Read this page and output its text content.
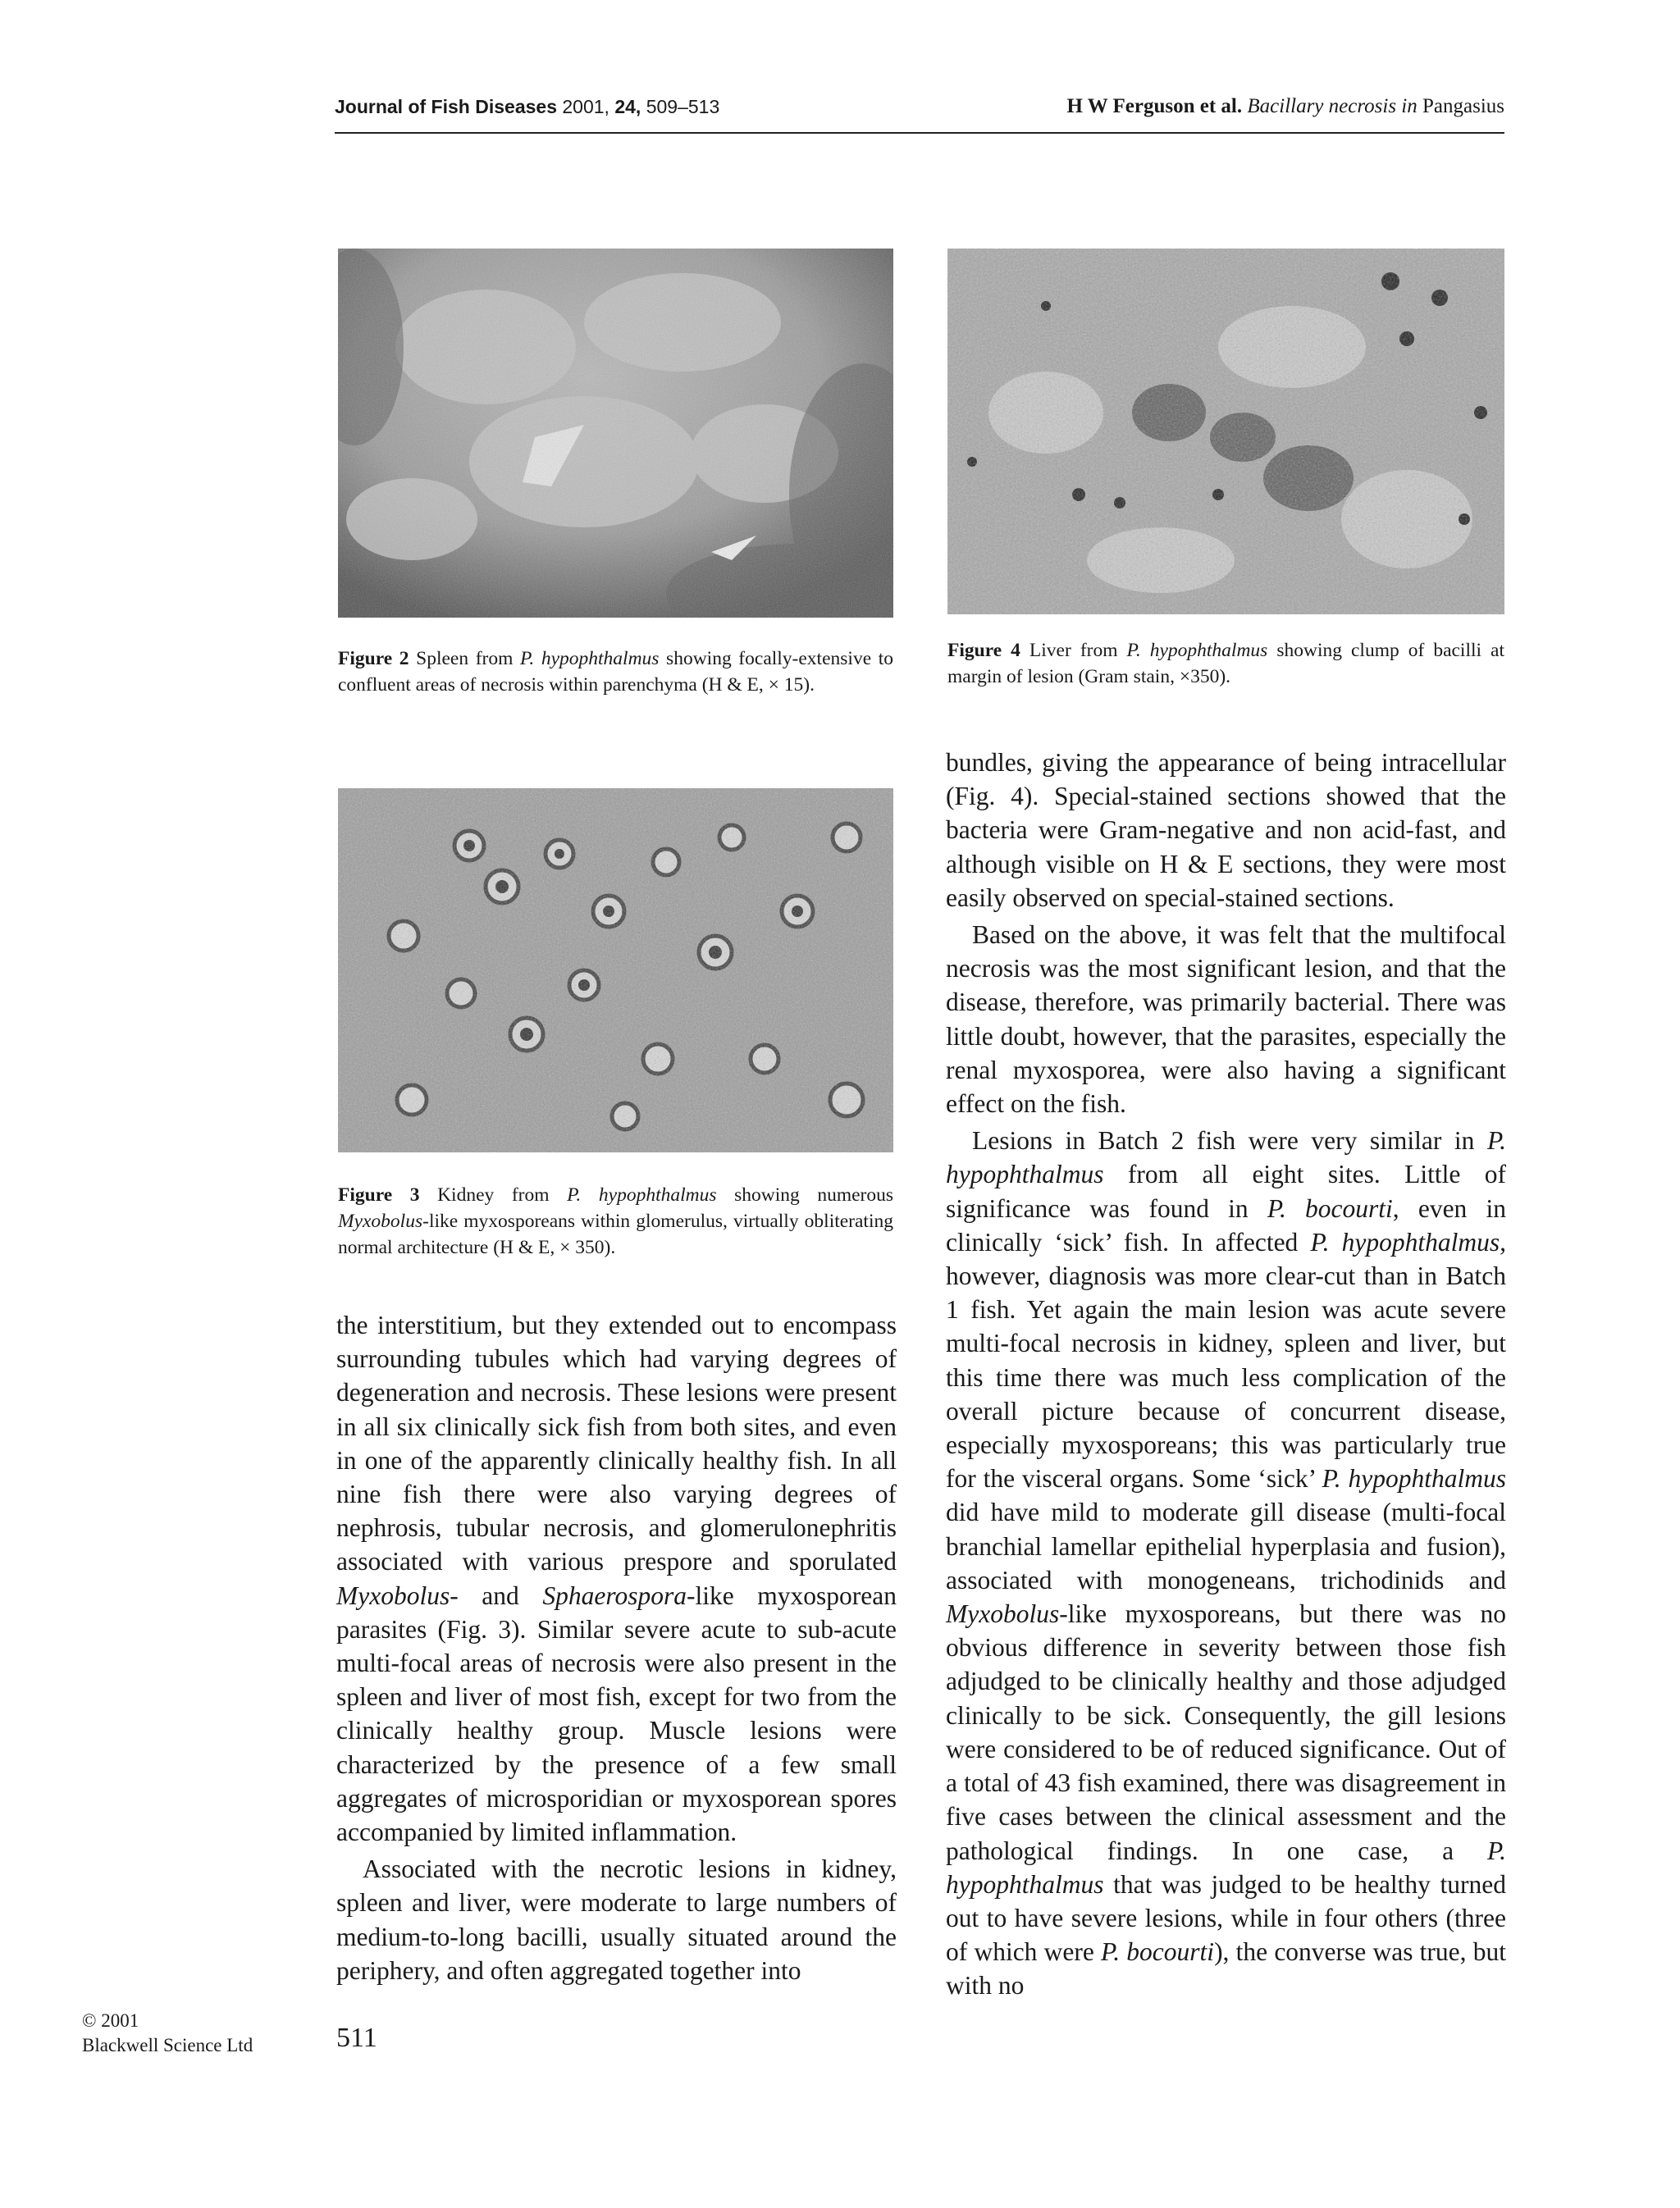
Journal of Fish Diseases 2001, 24, 509–513	H W Ferguson et al. Bacillary necrosis in Pangasius
Figure 2 Spleen from P. hypophthalmus showing focally-extensive to confluent areas of necrosis within parenchyma (H & E, × 15).
Figure 3 Kidney from P. hypophthalmus showing numerous Myxobolus-like myxosporeans within glomerulus, virtually obliterating normal architecture (H & E, × 350).
Figure 4 Liver from P. hypophthalmus showing clump of bacilli at margin of lesion (Gram stain, ×350).

the interstitium, but they extended out to encompass surrounding tubules which had varying degrees of degeneration and necrosis. These lesions were present in all six clinically sick fish from both sites, and even in one of the apparently clinically healthy fish. In all nine fish there were also varying degrees of nephrosis, tubular necrosis, and glomerulonephritis associated with various prespore and sporulated Myxobolus- and Sphaerospora-like myxosporean parasites (Fig. 3). Similar severe acute to sub-acute multi-focal areas of necrosis were also present in the spleen and liver of most fish, except for two from the clinically healthy group. Muscle lesions were characterized by the presence of a few small aggregates of microsporidian or myxosporean spores accompanied by limited inflammation.

Associated with the necrotic lesions in kidney, spleen and liver, were moderate to large numbers of medium-to-long bacilli, usually situated around the periphery, and often aggregated together into

bundles, giving the appearance of being intracellular (Fig. 4). Special-stained sections showed that the bacteria were Gram-negative and non acid-fast, and although visible on H & E sections, they were most easily observed on special-stained sections.

Based on the above, it was felt that the multifocal necrosis was the most significant lesion, and that the disease, therefore, was primarily bacterial. There was little doubt, however, that the parasites, especially the renal myxosporea, were also having a significant effect on the fish.

Lesions in Batch 2 fish were very similar in P. hypophthalmus from all eight sites. Little of significance was found in P. bocourti, even in clinically ‘sick’ fish. In affected P. hypophthalmus, however, diagnosis was more clear-cut than in Batch 1 fish. Yet again the main lesion was acute severe multi-focal necrosis in kidney, spleen and liver, but this time there was much less complication of the overall picture because of concurrent disease, especially myxosporeans; this was particularly true for the visceral organs. Some ‘sick’ P. hypophthalmus did have mild to moderate gill disease (multi-focal branchial lamellar epithelial hyperplasia and fusion), associated with monogeneans, trichodinids and Myxobolus-like myxosporeans, but there was no obvious difference in severity between those fish adjudged to be clinically healthy and those adjudged clinically to be sick. Consequently, the gill lesions were considered to be of reduced significance. Out of a total of 43 fish examined, there was disagreement in five cases between the clinical assessment and the pathological findings. In one case, a P. hypophthalmus that was judged to be healthy turned out to have severe lesions, while in four others (three of which were P. bocourti), the converse was true, but with no

© 2001
Blackwell Science Ltd	511
